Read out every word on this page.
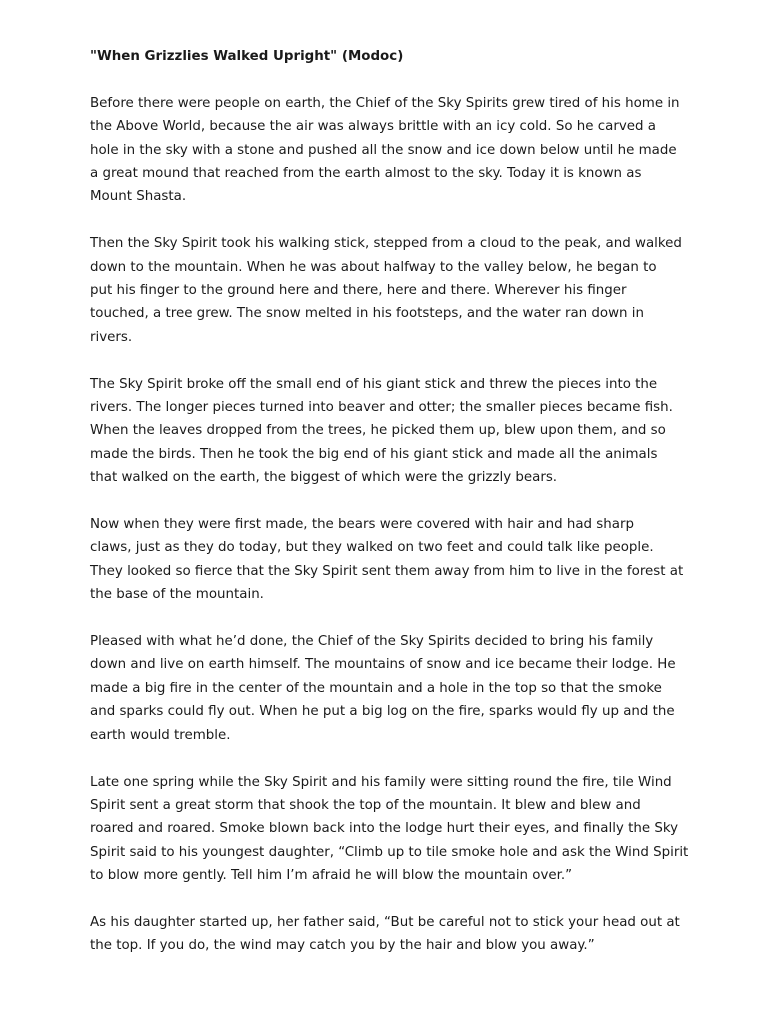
"When Grizzlies Walked Upright" (Modoc)
Before there were people on earth, the Chief of the Sky Spirits grew tired of his home in
the Above World, because the air was always brittle with an icy cold. So he carved a
hole in the sky with a stone and pushed all the snow and ice down below until he made
a great mound that reached from the earth almost to the sky. Today it is known as
Mount Shasta.
Then the Sky Spirit took his walking stick, stepped from a cloud to the peak, and walked
down to the mountain. When he was about halfway to the valley below, he began to
put his finger to the ground here and there, here and there. Wherever his finger
touched, a tree grew. The snow melted in his footsteps, and the water ran down in
rivers.
The Sky Spirit broke off the small end of his giant stick and threw the pieces into the
rivers. The longer pieces turned into beaver and otter; the smaller pieces became fish.
When the leaves dropped from the trees, he picked them up, blew upon them, and so
made the birds. Then he took the big end of his giant stick and made all the animals
that walked on the earth, the biggest of which were the grizzly bears.
Now when they were first made, the bears were covered with hair and had sharp
claws, just as they do today, but they walked on two feet and could talk like people.
They looked so fierce that the Sky Spirit sent them away from him to live in the forest at
the base of the mountain.
Pleased with what he’d done, the Chief of the Sky Spirits decided to bring his family
down and live on earth himself. The mountains of snow and ice became their lodge. He
made a big fire in the center of the mountain and a hole in the top so that the smoke
and sparks could fly out. When he put a big log on the fire, sparks would fly up and the
earth would tremble.
Late one spring while the Sky Spirit and his family were sitting round the fire, tile Wind
Spirit sent a great storm that shook the top of the mountain. It blew and blew and
roared and roared. Smoke blown back into the lodge hurt their eyes, and finally the Sky
Spirit said to his youngest daughter, “Climb up to tile smoke hole and ask the Wind Spirit
to blow more gently. Tell him I’m afraid he will blow the mountain over.”
As his daughter started up, her father said, “But be careful not to stick your head out at
the top. If you do, the wind may catch you by the hair and blow you away.”
